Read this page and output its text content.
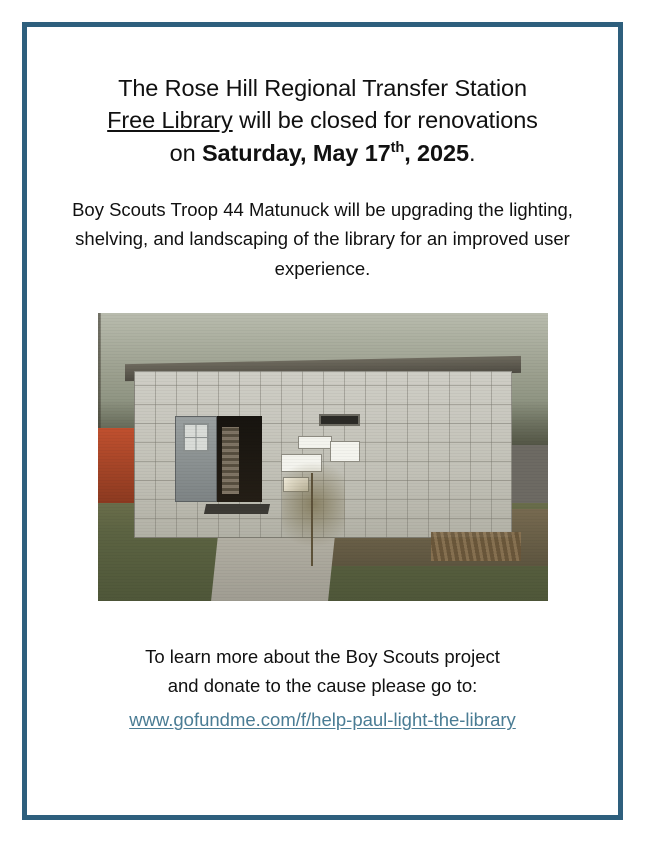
The Rose Hill Regional Transfer Station
Free Library will be closed for renovations
on Saturday, May 17th, 2025.

Boy Scouts Troop 44 Matunuck will be upgrading the lighting, shelving, and landscaping of the library for an improved user experience.

To learn more about the Boy Scouts project
and donate to the cause please go to:
www.gofundme.com/f/help-paul-light-the-library
